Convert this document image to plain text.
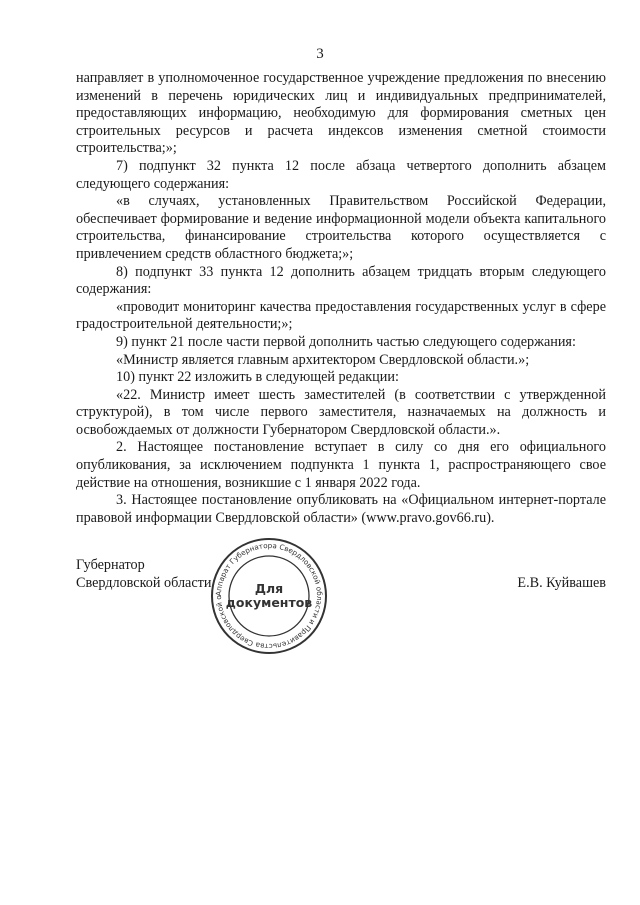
3

направляет в уполномоченное государственное учреждение предложения по внесению изменений в перечень юридических лиц и индивидуальных предпринимателей, предоставляющих информацию, необходимую для формирования сметных цен строительных ресурсов и расчета индексов изменения сметной стоимости строительства;»;

7) подпункт 32 пункта 12 после абзаца четвертого дополнить абзацем следующего содержания:

«в случаях, установленных Правительством Российской Федерации, обеспечивает формирование и ведение информационной модели объекта капитального строительства, финансирование строительства которого осуществляется с привлечением средств областного бюджета;»;

8) подпункт 33 пункта 12 дополнить абзацем тридцать вторым следующего содержания:

«проводит мониторинг качества предоставления государственных услуг в сфере градостроительной деятельности;»;

9) пункт 21 после части первой дополнить частью следующего содержания:

«Министр является главным архитектором Свердловской области.»;

10) пункт 22 изложить в следующей редакции:

«22. Министр имеет шесть заместителей (в соответствии с утвержденной структурой), в том числе первого заместителя, назначаемых на должность и освобождаемых от должности Губернатором Свердловской области.».

2. Настоящее постановление вступает в силу со дня его официального опубликования, за исключением подпункта 1 пункта 1, распространяющего свое действие на отношения, возникшие с 1 января 2022 года.

3. Настоящее постановление опубликовать на «Официальном интернет-портале правовой информации Свердловской области» (www.pravo.gov66.ru).

Губернатор
Свердловской области	Е.В. Куйвашев
Аппарат Губернатора Свердловской области и Правительства Свердловской о
Для
документов
